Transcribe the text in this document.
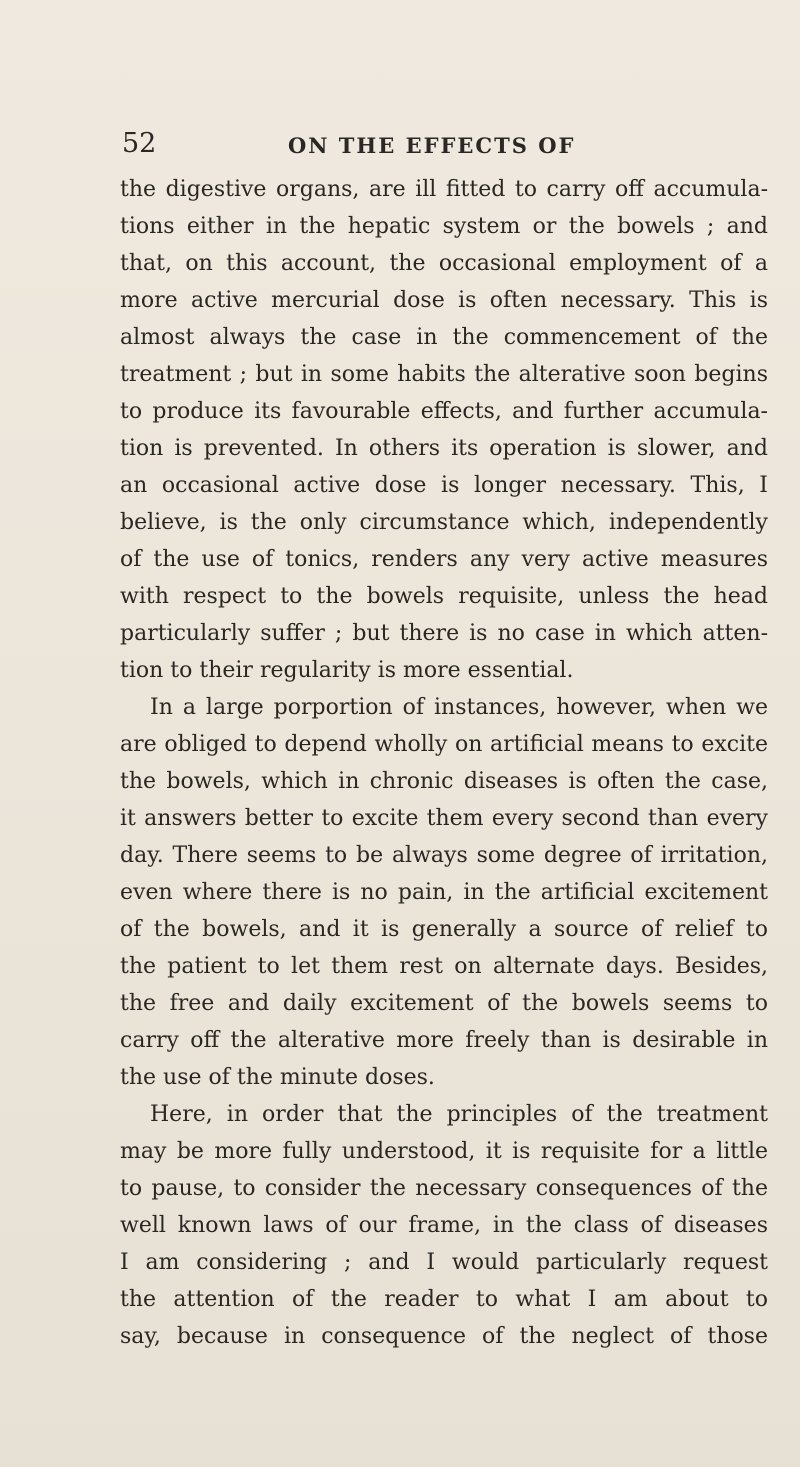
52	ON THE EFFECTS OF
the digestive organs, are ill fitted to carry off accumula-
tions either in the hepatic system or the bowels ; and
that, on this account, the occasional employment of a
more active mercurial dose is often necessary. This is
almost always the case in the commencement of the
treatment ; but in some habits the alterative soon begins
to produce its favourable effects, and further accumula-
tion is prevented. In others its operation is slower, and
an occasional active dose is longer necessary. This, I
believe, is the only circumstance which, independently
of the use of tonics, renders any very active measures
with respect to the bowels requisite, unless the head
particularly suffer ; but there is no case in which atten-
tion to their regularity is more essential.
In a large porportion of instances, however, when we
are obliged to depend wholly on artificial means to excite
the bowels, which in chronic diseases is often the case,
it answers better to excite them every second than every
day. There seems to be always some degree of irritation,
even where there is no pain, in the artificial excitement
of the bowels, and it is generally a source of relief to
the patient to let them rest on alternate days. Besides,
the free and daily excitement of the bowels seems to
carry off the alterative more freely than is desirable in
the use of the minute doses.
Here, in order that the principles of the treatment
may be more fully understood, it is requisite for a little
to pause, to consider the necessary consequences of the
well known laws of our frame, in the class of diseases
I am considering ; and I would particularly request
the attention of the reader to what I am about to
say, because in consequence of the neglect of those
